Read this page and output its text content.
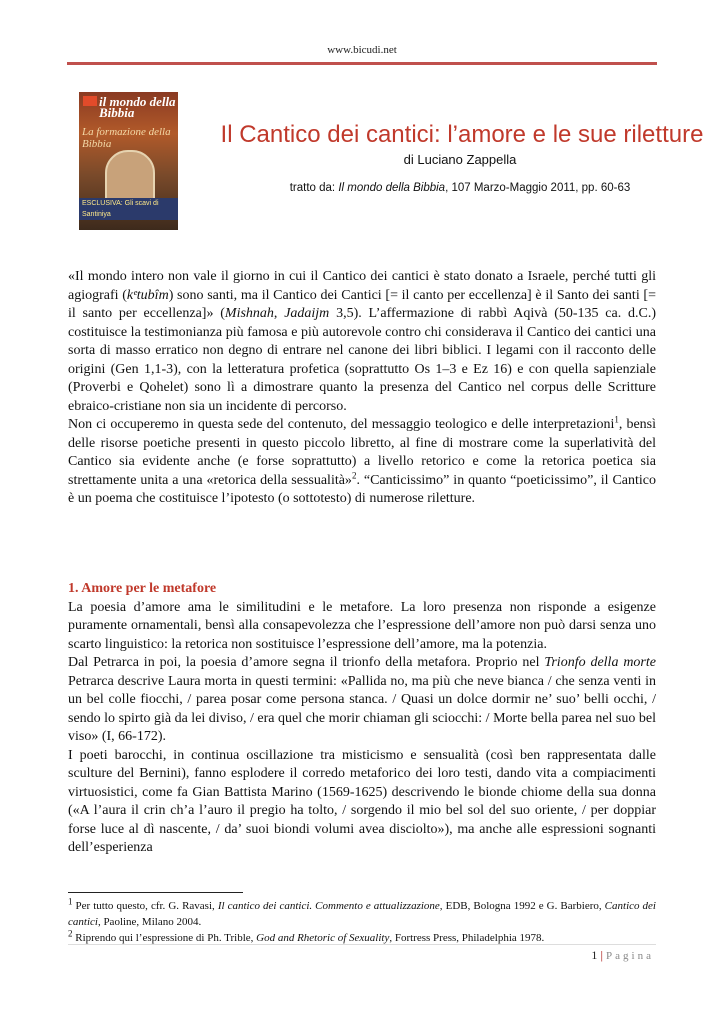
www.bicudi.net
il mondo della Bibbia
La formazione della Bibbia
ESCLUSIVA: Gli scavi di Santiniya
Il Cantico dei cantici: l’amore e le sue riletture
di Luciano Zappella
tratto da: Il mondo della Bibbia, 107 Marzo-Maggio 2011, pp. 60-63

«Il mondo intero non vale il giorno in cui il Cantico dei cantici è stato donato a Israele, perché tutti gli agiografi (kᵉtubîm) sono santi, ma il Cantico dei Cantici [= il canto per eccellenza] è il Santo dei santi [= il santo per eccellenza]» (Mishnah, Jadaijm 3,5). L’affermazione di rabbì Aqivà (50-135 ca. d.C.) costituisce la testimonianza più famosa e più autorevole contro chi considerava il Cantico dei cantici una sorta di masso erratico non degno di entrare nel canone dei libri biblici. I legami con il racconto delle origini (Gen 1,1-3), con la letteratura profetica (soprattutto Os 1–3 e Ez 16) e con quella sapienziale (Proverbi e Qohelet) sono lì a dimostrare quanto la presenza del Cantico nel corpus delle Scritture ebraico-cristiane non sia un incidente di percorso.

Non ci occuperemo in questa sede del contenuto, del messaggio teologico e delle interpretazioni$^1$, bensì delle risorse poetiche presenti in questo piccolo libretto, al fine di mostrare come la superlatività del Cantico sia evidente anche (e forse soprattutto) a livello retorico e come la retorica poetica sia strettamente unita a una «retorica della sessualità»$^2$. “Canticissimo” in quanto “poeticissimo”, il Cantico è un poema che costituisce l’ipotesto (o sottotesto) di numerose riletture.

1. Amore per le metafore

La poesia d’amore ama le similitudini e le metafore. La loro presenza non risponde a esigenze puramente ornamentali, bensì alla consapevolezza che l’espressione dell’amore non può darsi senza uno scarto linguistico: la retorica non sostituisce l’espressione dell’amore, ma la potenzia.

Dal Petrarca in poi, la poesia d’amore segna il trionfo della metafora. Proprio nel Trionfo della morte Petrarca descrive Laura morta in questi termini: «Pallida no, ma più che neve bianca / che senza venti in un bel colle fiocchi, / parea posar come persona stanca. / Quasi un dolce dormir ne’ suo’ belli occhi, / sendo lo spirto già da lei diviso, / era quel che morir chiaman gli sciocchi: / Morte bella parea nel suo bel viso» (I, 66-172).

I poeti barocchi, in continua oscillazione tra misticismo e sensualità (così ben rappresentata dalle sculture del Bernini), fanno esplodere il corredo metaforico dei loro testi, dando vita a compiacimenti virtuosistici, come fa Gian Battista Marino (1569-1625) descrivendo le bionde chiome della sua donna («A l’aura il crin ch’a l’auro il pregio ha tolto, / sorgendo il mio bel sol del suo oriente, / per doppiar forse luce al dì nascente, / da’ suoi biondi volumi avea disciolto»), ma anche alle espressioni sognanti dell’esperienza

$^1$ Per tutto questo, cfr. G. Ravasi, Il cantico dei cantici. Commento e attualizzazione, EDB, Bologna 1992 e G. Barbiero, Cantico dei cantici, Paoline, Milano 2004.

$^2$ Riprendo qui l’espressione di Ph. Trible, God and Rhetoric of Sexuality, Fortress Press, Philadelphia 1978.

1 | Pagina
